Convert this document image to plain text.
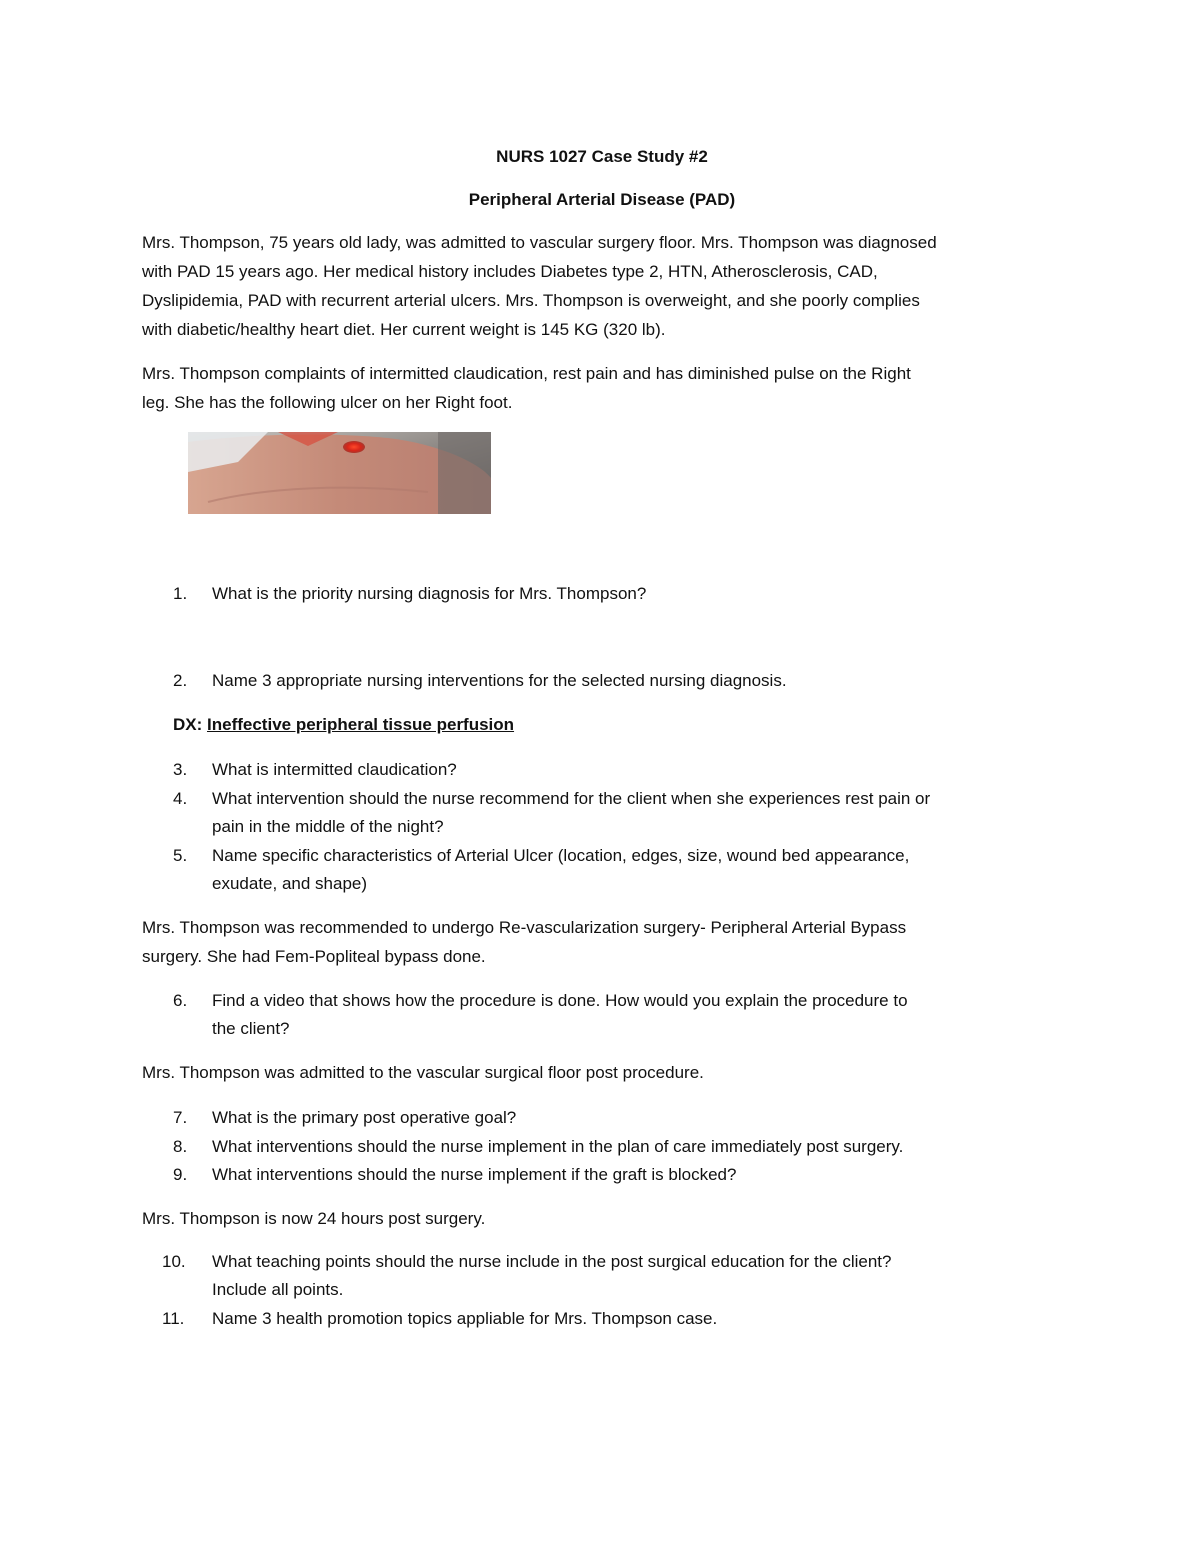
NURS 1027 Case Study #2
Peripheral Arterial Disease (PAD)
Mrs. Thompson, 75 years old lady, was admitted to vascular surgery floor. Mrs. Thompson was diagnosed
with PAD 15 years ago. Her medical history includes Diabetes type 2, HTN, Atherosclerosis, CAD,
Dyslipidemia, PAD with recurrent arterial ulcers. Mrs. Thompson is overweight, and she poorly complies
with diabetic/healthy heart diet. Her current weight is 145 KG (320 lb).
Mrs. Thompson complaints of intermitted claudication, rest pain and has diminished pulse on the Right
leg. She has the following ulcer on her Right foot.
1. What is the priority nursing diagnosis for Mrs. Thompson?
2. Name 3 appropriate nursing interventions for the selected nursing diagnosis.
DX: Ineffective peripheral tissue perfusion
3. What is intermitted claudication?
4. What intervention should the nurse recommend for the client when she experiences rest pain or
pain in the middle of the night?
5. Name specific characteristics of Arterial Ulcer (location, edges, size, wound bed appearance,
exudate, and shape)
Mrs. Thompson was recommended to undergo Re-vascularization surgery- Peripheral Arterial Bypass
surgery. She had Fem-Popliteal bypass done.
6. Find a video that shows how the procedure is done. How would you explain the procedure to
the client?
Mrs. Thompson was admitted to the vascular surgical floor post procedure.
7. What is the primary post operative goal?
8. What interventions should the nurse implement in the plan of care immediately post surgery.
9. What interventions should the nurse implement if the graft is blocked?
Mrs. Thompson is now 24 hours post surgery.
10. What teaching points should the nurse include in the post surgical education for the client?
Include all points.
11. Name 3 health promotion topics appliable for Mrs. Thompson case.
